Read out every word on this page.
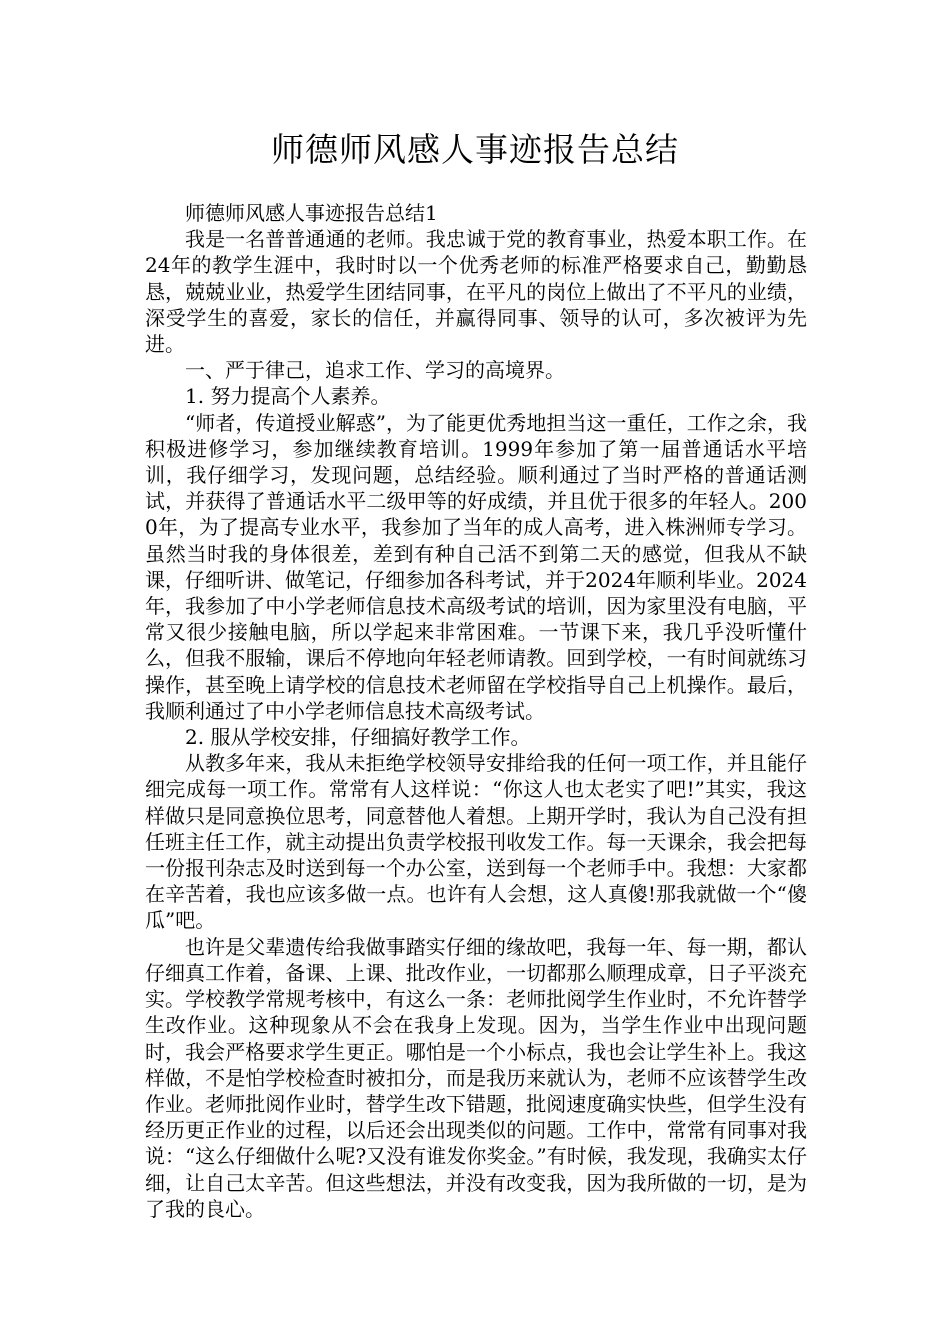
师德师风感人事迹报告总结

师德师风感人事迹报告总结1

我是一名普普通通的老师。我忠诚于党的教育事业，热爱本职工作。在24年的教学生涯中，我时时以一个优秀老师的标准严格要求自己，勤勤恳恳，兢兢业业，热爱学生团结同事，在平凡的岗位上做出了不平凡的业绩，深受学生的喜爱，家长的信任，并赢得同事、领导的认可，多次被评为先进。

一、严于律己，追求工作、学习的高境界。

1. 努力提高个人素养。

“师者，传道授业解惑”，为了能更优秀地担当这一重任，工作之余，我积极进修学习，参加继续教育培训。1999年参加了第一届普通话水平培训，我仔细学习，发现问题，总结经验。顺利通过了当时严格的普通话测试，并获得了普通话水平二级甲等的好成绩，并且优于很多的年轻人。2000年，为了提高专业水平，我参加了当年的成人高考，进入株洲师专学习。虽然当时我的身体很差，差到有种自己活不到第二天的感觉，但我从不缺课，仔细听讲、做笔记，仔细参加各科考试，并于2024年顺利毕业。2024年，我参加了中小学老师信息技术高级考试的培训，因为家里没有电脑，平常又很少接触电脑，所以学起来非常困难。一节课下来，我几乎没听懂什么，但我不服输，课后不停地向年轻老师请教。回到学校，一有时间就练习操作，甚至晚上请学校的信息技术老师留在学校指导自己上机操作。最后，我顺利通过了中小学老师信息技术高级考试。

2. 服从学校安排，仔细搞好教学工作。

从教多年来，我从未拒绝学校领导安排给我的任何一项工作，并且能仔细完成每一项工作。常常有人这样说：“你这人也太老实了吧!”其实，我这样做只是同意换位思考，同意替他人着想。上期开学时，我认为自己没有担任班主任工作，就主动提出负责学校报刊收发工作。每一天课余，我会把每一份报刊杂志及时送到每一个办公室，送到每一个老师手中。我想：大家都在辛苦着，我也应该多做一点。也许有人会想，这人真傻!那我就做一个“傻瓜”吧。

也许是父辈遗传给我做事踏实仔细的缘故吧，我每一年、每一期，都认仔细真工作着，备课、上课、批改作业，一切都那么顺理成章，日子平淡充实。学校教学常规考核中，有这么一条：老师批阅学生作业时，不允许替学生改作业。这种现象从不会在我身上发现。因为，当学生作业中出现问题时，我会严格要求学生更正。哪怕是一个小标点，我也会让学生补上。我这样做，不是怕学校检查时被扣分，而是我历来就认为，老师不应该替学生改作业。老师批阅作业时，替学生改下错题，批阅速度确实快些，但学生没有经历更正作业的过程，以后还会出现类似的问题。工作中，常常有同事对我说：“这么仔细做什么呢?又没有谁发你奖金。”有时候，我发现，我确实太仔细，让自己太辛苦。但这些想法，并没有改变我，因为我所做的一切，是为了我的良心。
